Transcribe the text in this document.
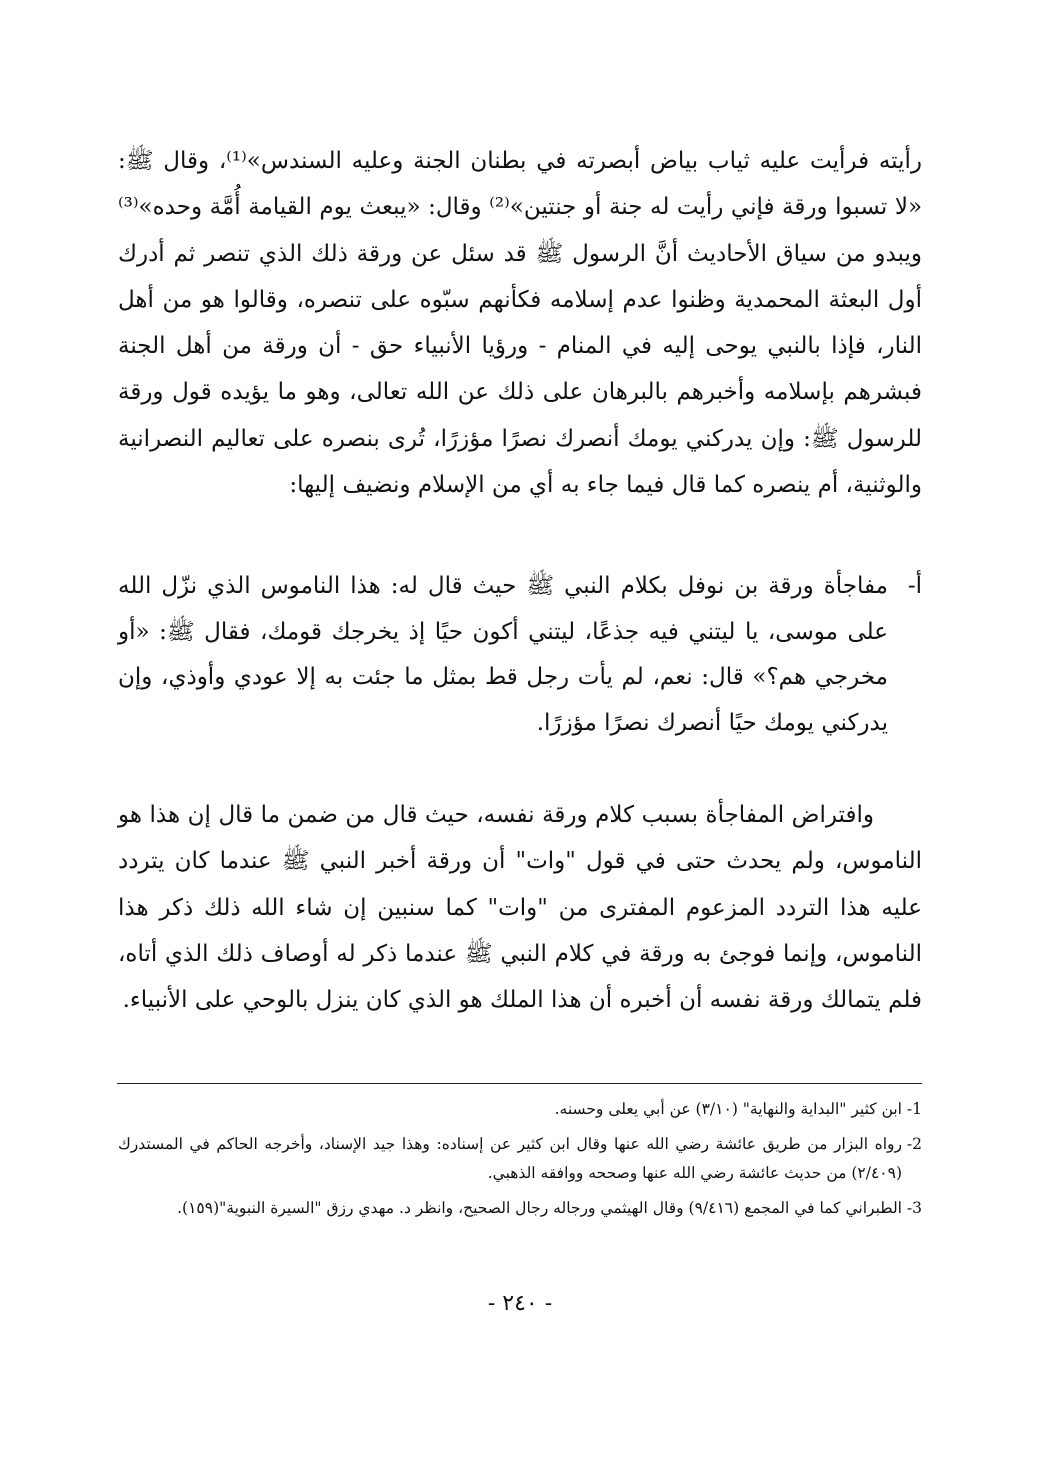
رأيته فرأيت عليه ثياب بياض أبصرته في بطنان الجنة وعليه السندس»⁽¹⁾، وقال ﷺ: «لا تسبوا ورقة فإني رأيت له جنة أو جنتين»⁽²⁾ وقال: «يبعث يوم القيامة أُمَّة وحده»⁽³⁾ ويبدو من سياق الأحاديث أنَّ الرسول ﷺ قد سئل عن ورقة ذلك الذي تنصر ثم أدرك أول البعثة المحمدية وظنوا عدم إسلامه فكأنهم سبّوه على تنصره، وقالوا هو من أهل النار، فإذا بالنبي يوحى إليه في المنام - ورؤيا الأنبياء حق - أن ورقة من أهل الجنة فبشرهم بإسلامه وأخبرهم بالبرهان على ذلك عن الله تعالى، وهو ما يؤيده قول ورقة للرسول ﷺ: وإن يدركني يومك أنصرك نصرًا مؤزرًا، تُرى بنصره على تعاليم النصرانية والوثنية، أم ينصره كما قال فيما جاء به أي من الإسلام ونضيف إليها:

أ-
مفاجأة ورقة بن نوفل بكلام النبي ﷺ حيث قال له: هذا الناموس الذي نزّل الله على موسى، يا ليتني فيه جذعًا، ليتني أكون حيًا إذ يخرجك قومك، فقال ﷺ: «أو مخرجي هم؟» قال: نعم، لم يأت رجل قط بمثل ما جئت به إلا عودي وأوذي، وإن يدركني يومك حيًا أنصرك نصرًا مؤزرًا.

وافتراض المفاجأة بسبب كلام ورقة نفسه، حيث قال من ضمن ما قال إن هذا هو الناموس، ولم يحدث حتى في قول "وات" أن ورقة أخبر النبي ﷺ عندما كان يتردد عليه هذا التردد المزعوم المفترى من "وات" كما سنبين إن شاء الله ذلك ذكر هذا الناموس، وإنما فوجئ به ورقة في كلام النبي ﷺ عندما ذكر له أوصاف ذلك الذي أتاه، فلم يتمالك ورقة نفسه أن أخبره أن هذا الملك هو الذي كان ينزل بالوحي على الأنبياء.

1-
ابن كثير "البداية والنهاية" (٣/١٠) عن أبي يعلى وحسنه.
2-
رواه البزار من طريق عائشة رضي الله عنها وقال ابن كثير عن إسناده: وهذا جيد الإسناد، وأخرجه الحاكم في المستدرك (٢/٤٠٩) من حديث عائشة رضي الله عنها وصححه ووافقه الذهبي.
3-
الطبراني كما في المجمع (٩/٤١٦) وقال الهيثمي ورجاله رجال الصحيح، وانظر د. مهدي رزق "السيرة النبوية"(١٥٩).
- ٢٤٠ -
